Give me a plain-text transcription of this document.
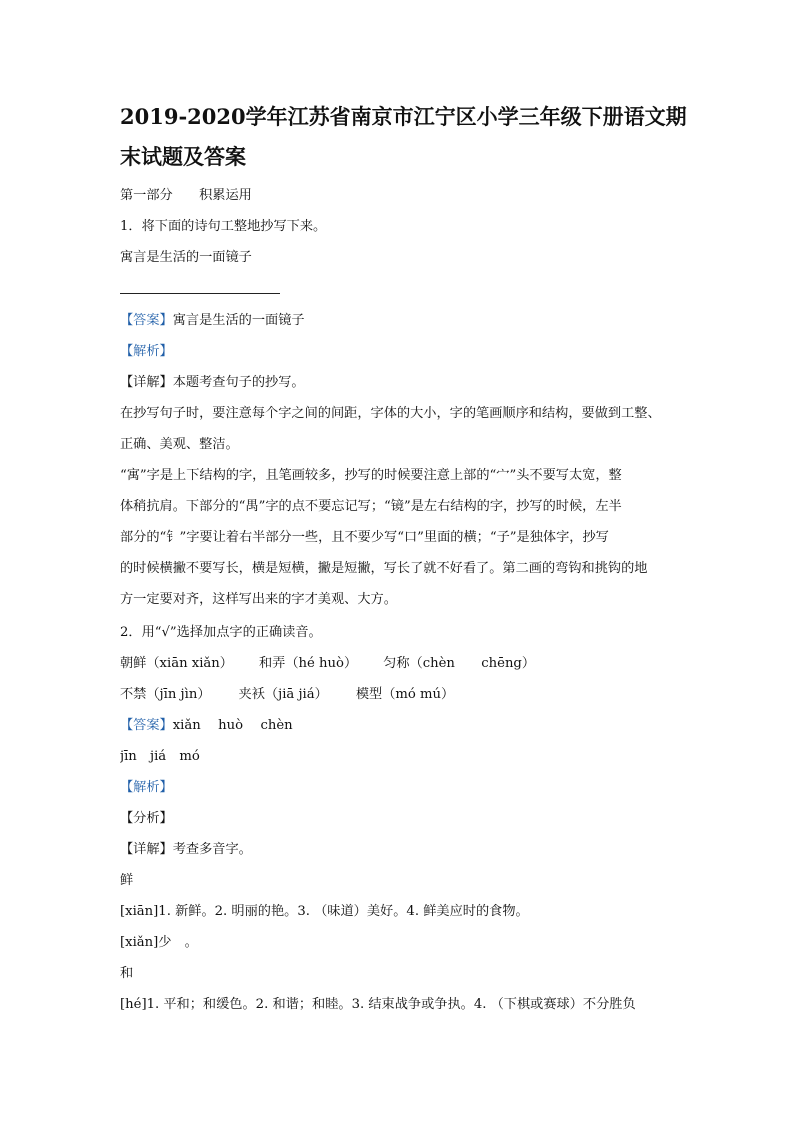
2019-2020学年江苏省南京市江宁区小学三年级下册语文期
末试题及答案
第一部分　　积累运用
1．将下面的诗句工整地抄写下来。
寓言是生活的一面镜子
【答案】寓言是生活的一面镜子
【解析】
【详解】本题考查句子的抄写。
在抄写句子时，要注意每个字之间的间距，字体的大小，字的笔画顺序和结构，要做到工整、
正确、美观、整洁。
“寓”字是上下结构的字，且笔画较多，抄写的时候要注意上部的“宀”头不要写太宽，整
体稍抗肩。下部分的“禺”字的点不要忘记写；“镜”是左右结构的字，抄写的时候，左半
部分的“钅”字要让着右半部分一些，且不要少写“口”里面的横；“子”是独体字，抄写
的时候横撇不要写长，横是短横，撇是短撇，写长了就不好看了。第二画的弯钩和挑钩的地
方一定要对齐，这样写出来的字才美观、大方。
2．用“√”选择加点字的正确读音。
朝鲜（xiān xiǎn） 和弄（hé huò） 匀称（chèn　　chēng）
不禁（jīn jìn） 夹袄（jiā jiá） 模型（mó mú）
【答案】xiǎn　 huò　 chèn
jīn　jiá　mó
【解析】
【分析】
【详解】考查多音字。
鲜
[xiān]1. 新鲜。2. 明丽的艳。3. （味道）美好。4. 鲜美应时的食物。
[xiǎn]少　。
和
[hé]1. 平和；和缓色。2. 和谐；和睦。3. 结束战争或争执。4. （下棋或赛球）不分胜负
